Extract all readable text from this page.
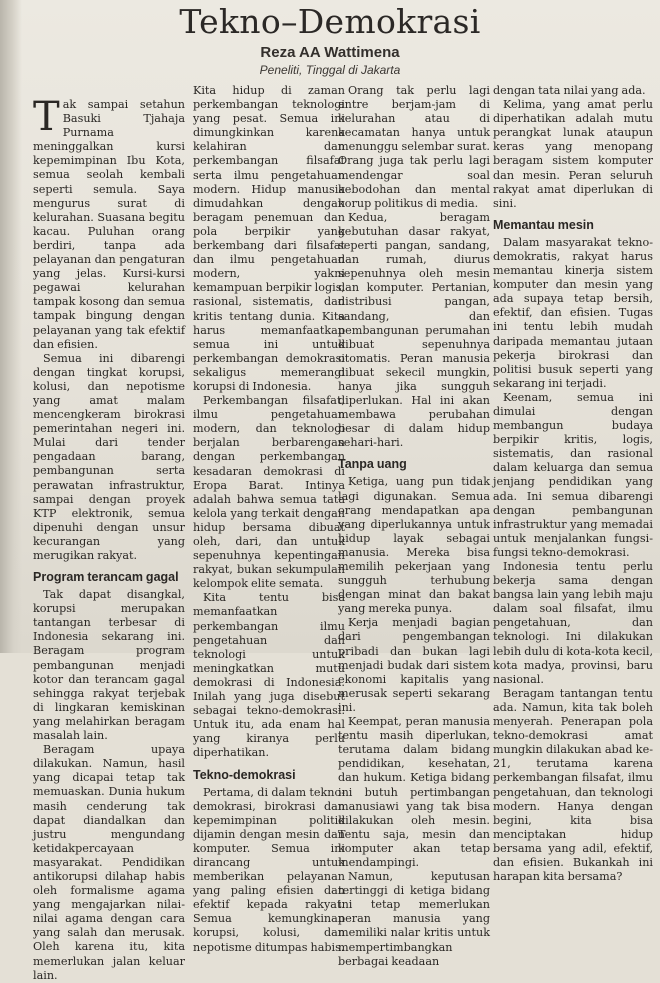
Tekno–Demokrasi
Reza AA Wattimena
Peneliti, Tinggal di Jakarta

Tak sampai setahun Basuki Tjahaja Purnama meninggalkan kursi kepemimpinan Ibu Kota, semua seolah kembali seperti semula. Saya mengurus surat di kelurahan. Suasana begitu kacau. Puluhan orang berdiri, tanpa ada pelayanan dan pengaturan yang jelas. Kursi-kursi pegawai kelurahan tampak kosong dan semua tampak bingung dengan pelayanan yang tak efektif dan efisien.

Semua ini dibarengi dengan tingkat korupsi, kolusi, dan nepotisme yang amat malam mencengkeram birokrasi pemerintahan negeri ini. Mulai dari tender pengadaan barang, pembangunan serta perawatan infrastruktur, sampai dengan proyek KTP elektronik, semua dipenuhi dengan unsur kecurangan yang merugikan rakyat.

Program terancam gagal

Tak dapat disangkal, korupsi merupakan tantangan terbesar di Indonesia sekarang ini. Beragam program pembangunan menjadi kotor dan terancam gagal sehingga rakyat terjebak di lingkaran kemiskinan yang melahirkan beragam masalah lain.

Beragam upaya dilakukan. Namun, hasil yang dicapai tetap tak memuaskan. Dunia hukum masih cenderung tak dapat diandalkan dan justru mengundang ketidakpercayaan masyarakat. Pendidikan antikorupsi dilahap habis oleh formalisme agama yang mengajarkan nilai-nilai agama dengan cara yang salah dan merusak. Oleh karena itu, kita memerlukan jalan keluar lain.

Kita hidup di zaman perkembangan teknologi yang pesat. Semua ini dimungkinkan karena kelahiran dan perkembangan filsafat serta ilmu pengetahuan modern. Hidup manusia dimudahkan dengan beragam penemuan dan pola berpikir yang berkembang dari filsafat dan ilmu pengetahuan modern, yakni kemampuan berpikir logis, rasional, sistematis, dan kritis tentang dunia. Kita harus memanfaatkan semua ini untuk perkembangan demokrasi sekaligus memerangi korupsi di Indonesia.

Perkembangan filsafat, ilmu pengetahuan modern, dan teknologi berjalan berbarengan dengan perkembangan kesadaran demokrasi di Eropa Barat. Intinya adalah bahwa semua tata kelola yang terkait dengan hidup bersama dibuat oleh, dari, dan untuk sepenuhnya kepentingan rakyat, bukan sekumpulan kelompok elite semata.

Kita tentu bisa memanfaatkan perkembangan ilmu pengetahuan dan teknologi untuk meningkatkan mutu demokrasi di Indonesia. Inilah yang juga disebut sebagai tekno-demokrasi. Untuk itu, ada enam hal yang kiranya perlu diperhatikan.

Tekno-demokrasi

Pertama, di dalam tekno-demokrasi, birokrasi dan kepemimpinan politik dijamin dengan mesin dan komputer. Semua ini dirancang untuk memberikan pelayanan yang paling efisien dan efektif kepada rakyat. Semua kemungkinan korupsi, kolusi, dan nepotisme ditumpas habis.

Orang tak perlu lagi antre berjam-jam di kelurahan atau di kecamatan hanya untuk menunggu selembar surat. Orang juga tak perlu lagi mendengar soal kebodohan dan mental korup politikus di media.

Kedua, beragam kebutuhan dasar rakyat, seperti pangan, sandang, dan rumah, diurus sepenuhnya oleh mesin dan komputer. Pertanian, distribusi pangan, sandang, dan pembangunan perumahan dibuat sepenuhnya otomatis. Peran manusia dibuat sekecil mungkin, hanya jika sungguh diperlukan. Hal ini akan membawa perubahan besar di dalam hidup sehari-hari.

Tanpa uang

Ketiga, uang pun tidak lagi digunakan. Semua orang mendapatkan apa yang diperlukannya untuk hidup layak sebagai manusia. Mereka bisa memilih pekerjaan yang sungguh terhubung dengan minat dan bakat yang mereka punya.

Kerja menjadi bagian dari pengembangan pribadi dan bukan lagi menjadi budak dari sistem ekonomi kapitalis yang merusak seperti sekarang ini.

Keempat, peran manusia tentu masih diperlukan, terutama dalam bidang pendidikan, kesehatan, dan hukum. Ketiga bidang ini butuh pertimbangan manusiawi yang tak bisa dilakukan oleh mesin. Tentu saja, mesin dan komputer akan tetap mendampingi.

Namun, keputusan tertinggi di ketiga bidang ini tetap memerlukan peran manusia yang memiliki nalar kritis untuk mempertimbangkan berbagai keadaan

dengan tata nilai yang ada.

Kelima, yang amat perlu diperhatikan adalah mutu perangkat lunak ataupun keras yang menopang beragam sistem komputer dan mesin. Peran seluruh rakyat amat diperlukan di sini.

Memantau mesin

Dalam masyarakat tekno-demokratis, rakyat harus memantau kinerja sistem komputer dan mesin yang ada supaya tetap bersih, efektif, dan efisien. Tugas ini tentu lebih mudah daripada memantau jutaan pekerja birokrasi dan politisi busuk seperti yang sekarang ini terjadi.

Keenam, semua ini dimulai dengan membangun budaya berpikir kritis, logis, sistematis, dan rasional dalam keluarga dan semua jenjang pendidikan yang ada. Ini semua dibarengi dengan pembangunan infrastruktur yang memadai untuk menjalankan fungsi-fungsi tekno-demokrasi.

Indonesia tentu perlu bekerja sama dengan bangsa lain yang lebih maju dalam soal filsafat, ilmu pengetahuan, dan teknologi. Ini dilakukan lebih dulu di kota-kota kecil, kota madya, provinsi, baru nasional.

Beragam tantangan tentu ada. Namun, kita tak boleh menyerah. Penerapan pola tekno-demokrasi amat mungkin dilakukan abad ke-21, terutama karena perkembangan filsafat, ilmu pengetahuan, dan teknologi modern. Hanya dengan begini, kita bisa menciptakan hidup bersama yang adil, efektif, dan efisien. Bukankah ini harapan kita bersama?
